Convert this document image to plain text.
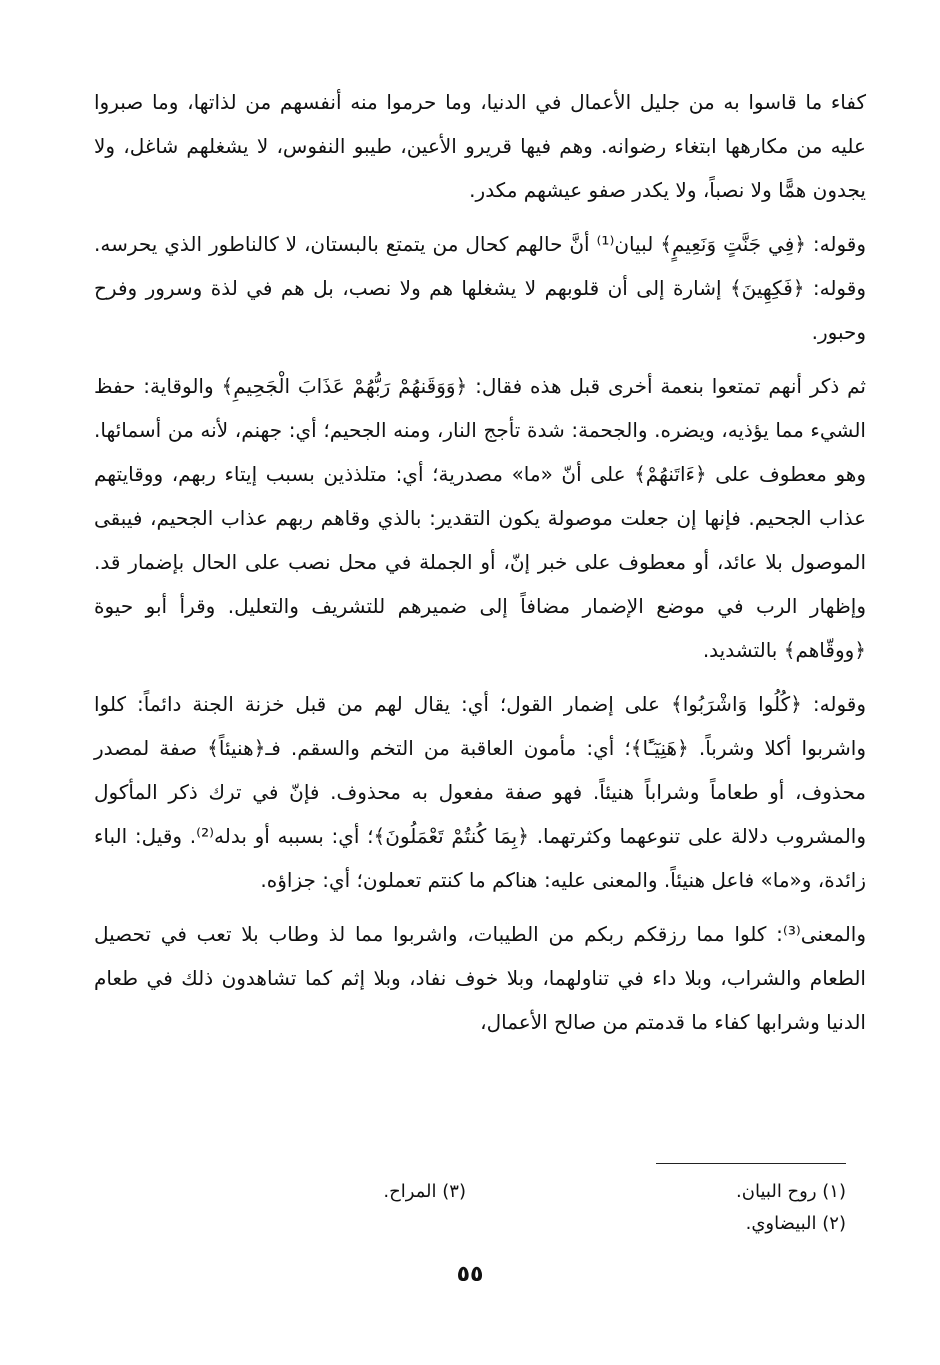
كفاء ما قاسوا به من جليل الأعمال في الدنيا، وما حرموا منه أنفسهم من لذاتها، وما صبروا عليه من مكارهها ابتغاء رضوانه. وهم فيها قريرو الأعين، طيبو النفوس، لا يشغلهم شاغل، ولا يجدون همًّا ولا نصباً، ولا يكدر صفو عيشهم مكدر.

وقوله: ﴿فِي جَنَّتٍ وَنَعِيمٍ﴾ لبيان⁽¹⁾ أنَّ حالهم كحال من يتمتع بالبستان، لا كالناطور الذي يحرسه. وقوله: ﴿فَكِهِينَ﴾ إشارة إلى أن قلوبهم لا يشغلها هم ولا نصب، بل هم في لذة وسرور وفرح وحبور.

ثم ذكر أنهم تمتعوا بنعمة أخرى قبل هذه فقال: ﴿وَوَقَنهُمْ رَبُّهُمْ عَذَابَ الْجَحِيمِ﴾ والوقاية: حفظ الشيء مما يؤذيه، ويضره. والجحمة: شدة تأجج النار، ومنه الجحيم؛ أي: جهنم، لأنه من أسمائها. وهو معطوف على ﴿ءَاتَنهُمْ﴾ على أنّ «ما» مصدرية؛ أي: متلذذين بسبب إيتاء ربهم، ووقايتهم عذاب الجحيم. فإنها إن جعلت موصولة يكون التقدير: بالذي وقاهم ربهم عذاب الجحيم، فيبقى الموصول بلا عائد، أو معطوف على خبر إنّ، أو الجملة في محل نصب على الحال بإضمار قد. وإظهار الرب في موضع الإضمار مضافاً إلى ضميرهم للتشريف والتعليل. وقرأ أبو حيوة ﴿ووقّاهم﴾ بالتشديد.

وقوله: ﴿كُلُوا وَاشْرَبُوا﴾ على إضمار القول؛ أي: يقال لهم من قبل خزنة الجنة دائماً: كلوا واشربوا أكلا وشرباً. ﴿هَنِيٓـًٔا﴾؛ أي: مأمون العاقبة من التخم والسقم. فـ﴿هنيئاً﴾ صفة لمصدر محذوف، أو طعاماً وشراباً هنيئاً. فهو صفة مفعول به محذوف. فإنّ في ترك ذكر المأكول والمشروب دلالة على تنوعهما وكثرتهما. ﴿بِمَا كُنتُمْ تَعْمَلُونَ﴾؛ أي: بسببه أو بدله⁽²⁾. وقيل: الباء زائدة، و«ما» فاعل هنيئاً. والمعنى عليه: هناكم ما كنتم تعملون؛ أي: جزاؤه.

والمعنى⁽³⁾: كلوا مما رزقكم ربكم من الطيبات، واشربوا مما لذ وطاب بلا تعب في تحصيل الطعام والشراب، وبلا داء في تناولهما، وبلا خوف نفاد، وبلا إثم كما تشاهدون ذلك في طعام الدنيا وشرابها كفاء ما قدمتم من صالح الأعمال،

(١) روح البيان.
(٣) المراح.
(٢) البيضاوي.
٥٥
